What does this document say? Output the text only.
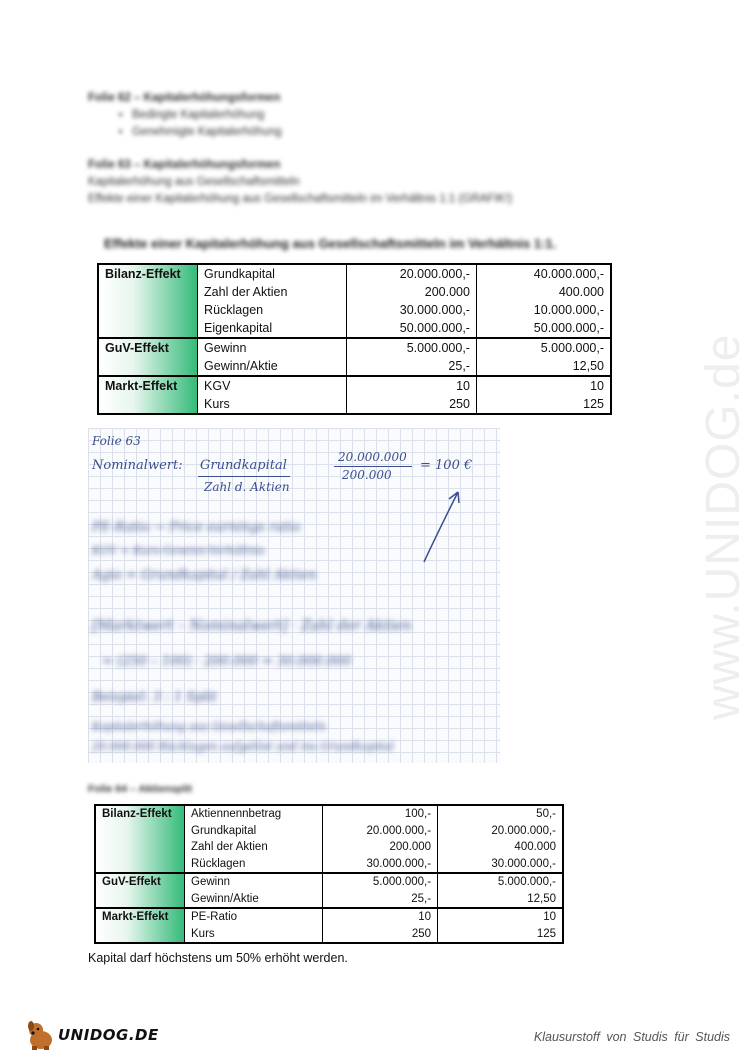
Folie 62 – Kapitalerhöhungsformen

• Bedingte Kapitalerhöhung
• Genehmigte Kapitalerhöhung

Folie 63 – Kapitalerhöhungsformen

Kapitalerhöhung aus Gesellschaftsmitteln

Effekte einer Kapitalerhöhung aus Gesellschaftsmitteln im Verhältnis 1:1 (GRAFIK!)

Effekte einer Kapitalerhöhung aus Gesellschaftsmitteln im Verhältnis 1:1.
Bilanz-Effekt	Grundkapital	20.000.000,-	40.000.000,-
	Zahl der Aktien	200.000	400.000
	Rücklagen	30.000.000,-	10.000.000,-
	Eigenkapital	50.000.000,-	50.000.000,-
GuV-Effekt	Gewinn	5.000.000,-	5.000.000,-
	Gewinn/Aktie	25,-	12,50
Markt-Effekt	KGV	10	10
	Kurs	250	125
Folie 63
Nominalwert: Grundkapital
Zahl d. Aktien
20.000.000
200.000
= 100 €
PE-Ratio → Price earnings ratio
KGV = Kurs-Gewinn-Verhältnis
Agio = Grundkapital / Zahl Aktien
[Marktwert – Nominalwert] · Zahl der Aktien
= (250 – 100) · 200.000 = 30.000.000
Beispiel: 3 : 1 Split
Kapitalerhöhung aus Gesellschaftsmitteln
20.000.000 Rücklagen aufgelöst und ins Grundkapital
Folie 64 – Aktiensplit
Bilanz-Effekt	Aktiennennbetrag	100,-	50,-
	Grundkapital	20.000.000,-	20.000.000,-
	Zahl der Aktien	200.000	400.000
	Rücklagen	30.000.000,-	30.000.000,-
GuV-Effekt	Gewinn	5.000.000,-	5.000.000,-
	Gewinn/Aktie	25,-	12,50
Markt-Effekt	PE-Ratio	10	10
	Kurs	250	125
Kapital darf höchstens um 50% erhöht werden.
www.UNIDOG.de
UNIDOG.DE	Klausurstoff von Studis für Studis
